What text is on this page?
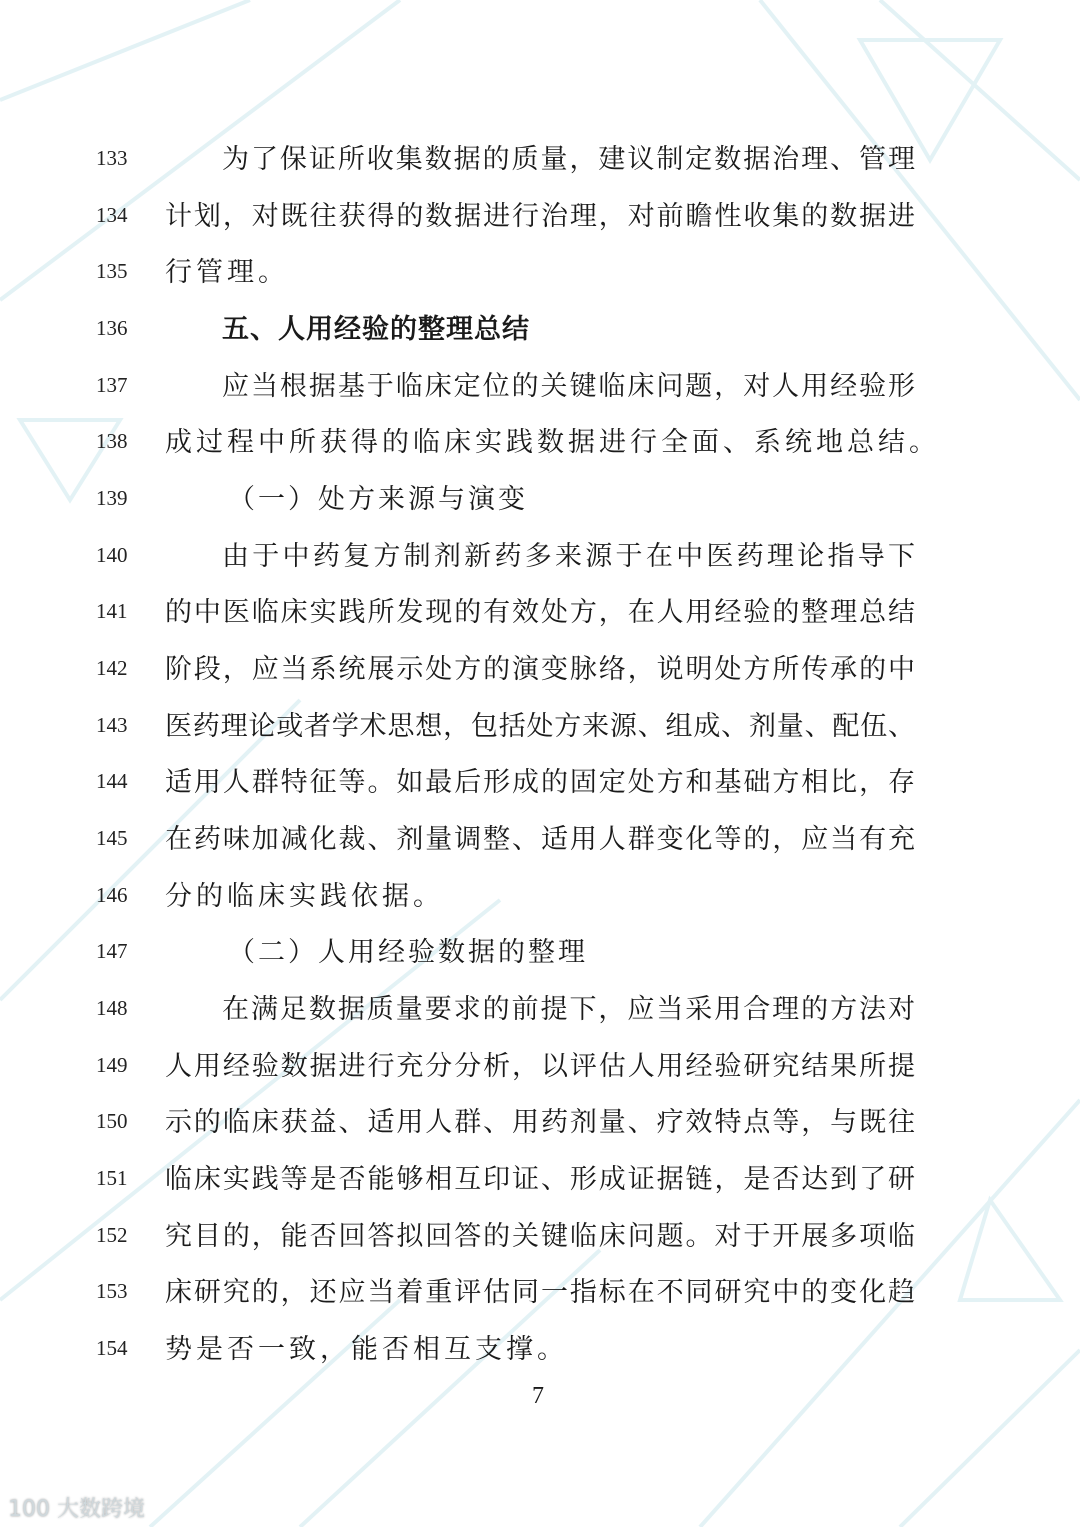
133	为了保证所收集数据的质量，建议制定数据治理、管理
134 计划，对既往获得的数据进行治理，对前瞻性收集的数据进
135 行管理。
136	五、人用经验的整理总结
137	应当根据基于临床定位的关键临床问题，对人用经验形
138 成过程中所获得的临床实践数据进行全面、系统地总结。
139	（一）处方来源与演变
140	由于中药复方制剂新药多来源于在中医药理论指导下
141 的中医临床实践所发现的有效处方，在人用经验的整理总结
142 阶段，应当系统展示处方的演变脉络，说明处方所传承的中
143 医药理论或者学术思想，包括处方来源、组成、剂量、配伍、
144 适用人群特征等。如最后形成的固定处方和基础方相比，存
145 在药味加减化裁、剂量调整、适用人群变化等的，应当有充
146 分的临床实践依据。
147	（二）人用经验数据的整理
148	在满足数据质量要求的前提下，应当采用合理的方法对
149 人用经验数据进行充分分析，以评估人用经验研究结果所提
150 示的临床获益、适用人群、用药剂量、疗效特点等，与既往
151 临床实践等是否能够相互印证、形成证据链，是否达到了研
152 究目的，能否回答拟回答的关键临床问题。对于开展多项临
153 床研究的，还应当着重评估同一指标在不同研究中的变化趋
154 势是否一致，能否相互支撑。
7
100 大数跨境
